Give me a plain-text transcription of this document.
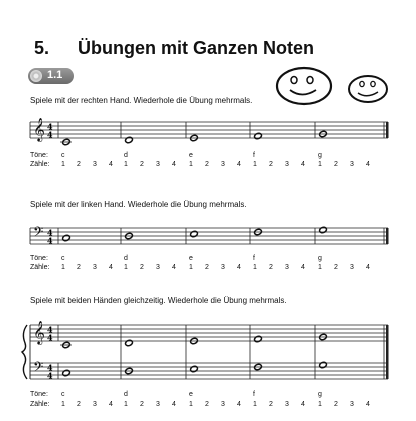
5. Übungen mit Ganzen Noten
1.1
Spiele mit der rechten Hand. Wiederhole die Übung mehrmals.
𝄞 4
4
Töne:
Zähle:
c
1 2 3 4
d
1 2 3 4
e
1 2 3 4
f
1 2 3 4
g
1 2 3 4
Spiele mit der linken Hand. Wiederhole die Übung mehrmals.
𝄢 4
4
Töne:
Zähle:
c
1 2 3 4
d
1 2 3 4
e
1 2 3 4
f
1 2 3 4
g
1 2 3 4
Spiele mit beiden Händen gleichzeitig. Wiederhole die Übung mehrmals.
𝄞 4
4
𝄢 4
4
Töne:
Zähle:
c
1 2 3 4
d
1 2 3 4
e
1 2 3 4
f
1 2 3 4
g
1 2 3 4
